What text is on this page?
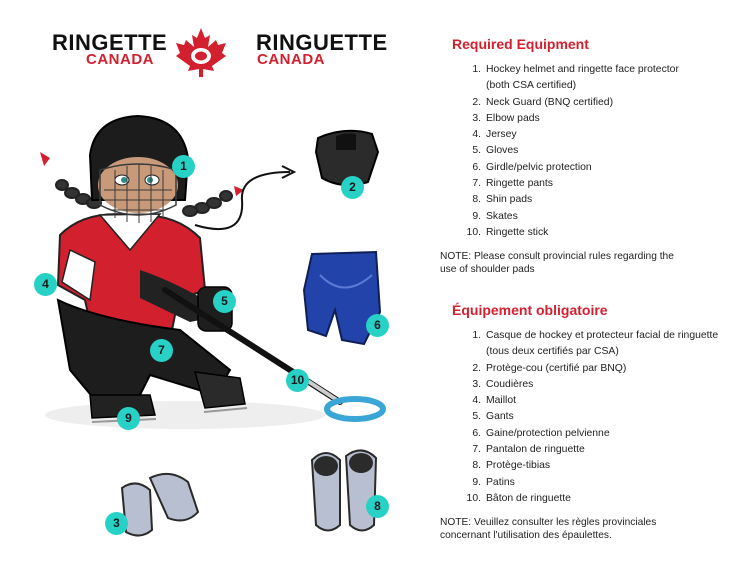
RINGETTE
CANADA
RINGUETTE
CANADA
1
2
3
4
5
6
7
8
9
10
Required Equipment
1. Hockey helmet and ringette face protector
(both CSA certified)
2. Neck Guard (BNQ certified)
3. Elbow pads
4. Jersey
5. Gloves
6. Girdle/pelvic protection
7. Ringette pants
8. Shin pads
9. Skates
10. Ringette stick
NOTE: Please consult provincial rules regarding the
use of shoulder pads
Équipement obligatoire
1. Casque de hockey et protecteur facial de ringuette
(tous deux certifiés par CSA)
2. Protège-cou (certifié par BNQ)
3. Coudières
4. Maillot
5. Gants
6. Gaine/protection pelvienne
7. Pantalon de ringuette
8. Protège-tibias
9. Patins
10. Bâton de ringuette
NOTE: Veuillez consulter les règles provinciales
concernant l'utilisation des épaulettes.
